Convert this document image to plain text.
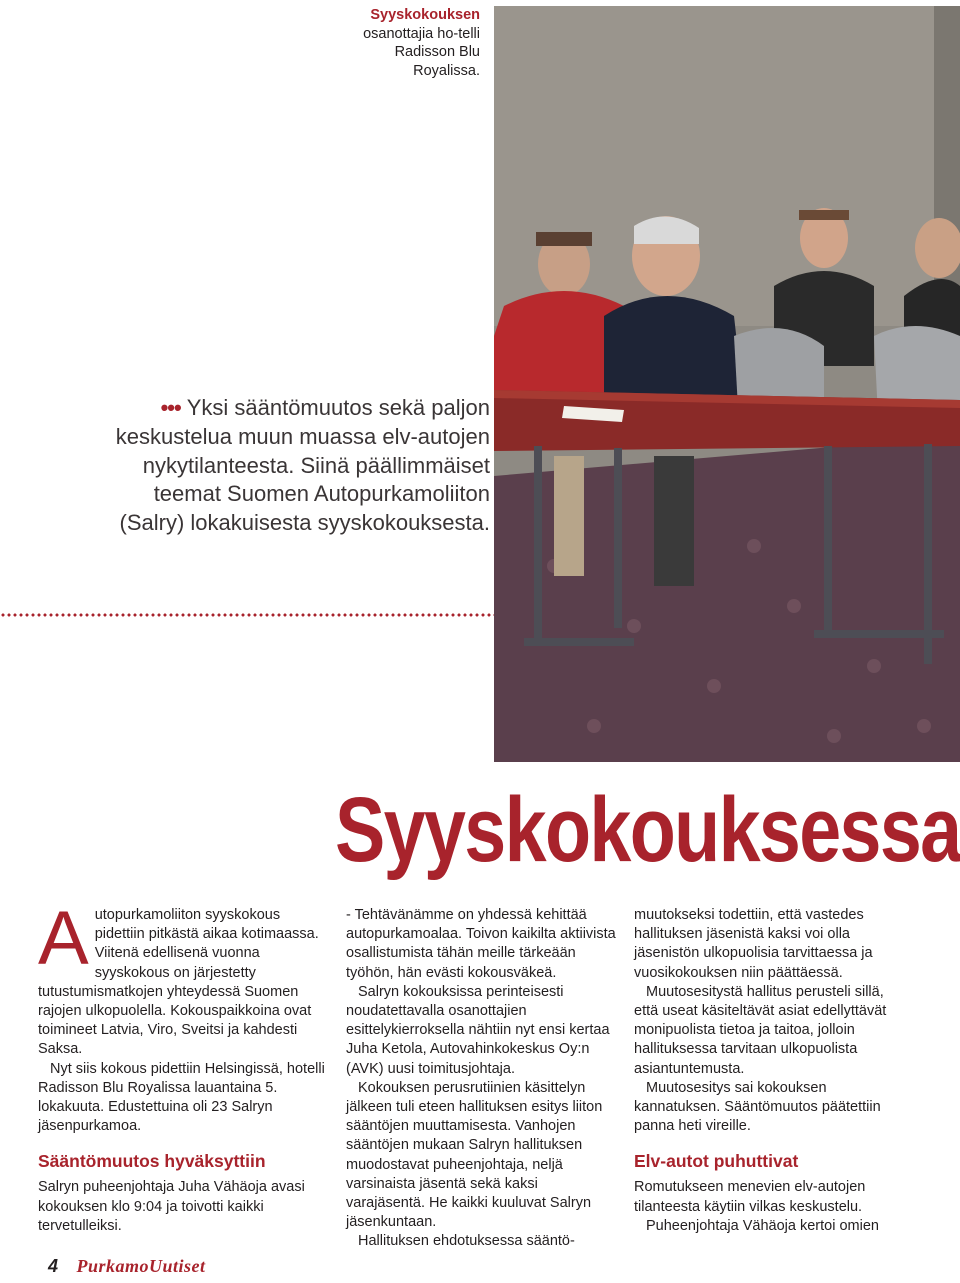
Syyskokouksen
osanottajia ho-telli Radisson Blu Royalissa.
••• Yksi sääntömuutos sekä paljon keskustelua muun muassa elv-autojen nykytilanteesta. Siinä päällimmäiset teemat Suomen Autopurkamoliiton (Salry) lokakuisesta syyskokouksesta.
Syyskokouksessa

Autopurkamoliiton syyskokous pidettiin pitkästä aikaa kotimaassa. Viitenä edellisenä vuonna syyskokous on järjestetty tutustumismatkojen yhteydessä Suomen rajojen ulkopuolella. Kokouspaikkoina ovat toimineet Latvia, Viro, Sveitsi ja kahdesti Saksa.

Nyt siis kokous pidettiin Helsingissä, hotelli Radisson Blu Royalissa lauantaina 5. lokakuuta. Edustettuina oli 23 Salryn jäsenpurkamoa.

Sääntömuutos hyväksyttiin

Salryn puheenjohtaja Juha Vähäoja avasi kokouksen klo 9:04 ja toivotti kaikki tervetulleiksi.

- Tehtävänämme on yhdessä kehittää autopurkamoalaa. Toivon kaikilta aktiivista osallistumista tähän meille tärkeään työhön, hän evästi kokousväkeä.

Salryn kokouksissa perinteisesti noudatettavalla osanottajien esittelykierroksella nähtiin nyt ensi kertaa Juha Ketola, Autovahinkokeskus Oy:n (AVK) uusi toimitusjohtaja.

Kokouksen perusrutiinien käsittelyn jälkeen tuli eteen hallituksen esitys liiton sääntöjen muuttamisesta. Vanhojen sääntöjen mukaan Salryn hallituksen muodostavat puheenjohtaja, neljä varsinaista jäsentä sekä kaksi varajäsentä. He kaikki kuuluvat Salryn jäsenkuntaan.

Hallituksen ehdotuksessa sääntö-

muutokseksi todettiin, että vastedes hallituksen jäsenistä kaksi voi olla jäsenistön ulkopuolisia tarvittaessa ja vuosikokouksen niin päättäessä.

Muutosesitystä hallitus perusteli sillä, että useat käsiteltävät asiat edellyttävät monipuolista tietoa ja taitoa, jolloin hallituksessa tarvitaan ulkopuolista asiantuntemusta.

Muutosesitys sai kokouksen kannatuksen. Sääntömuutos päätettiin panna heti vireille.

Elv-autot puhuttivat

Romutukseen menevien elv-autojen tilanteesta käytiin vilkas keskustelu.

Puheenjohtaja Vähäoja kertoi omien

4 PurkamoUutiset
